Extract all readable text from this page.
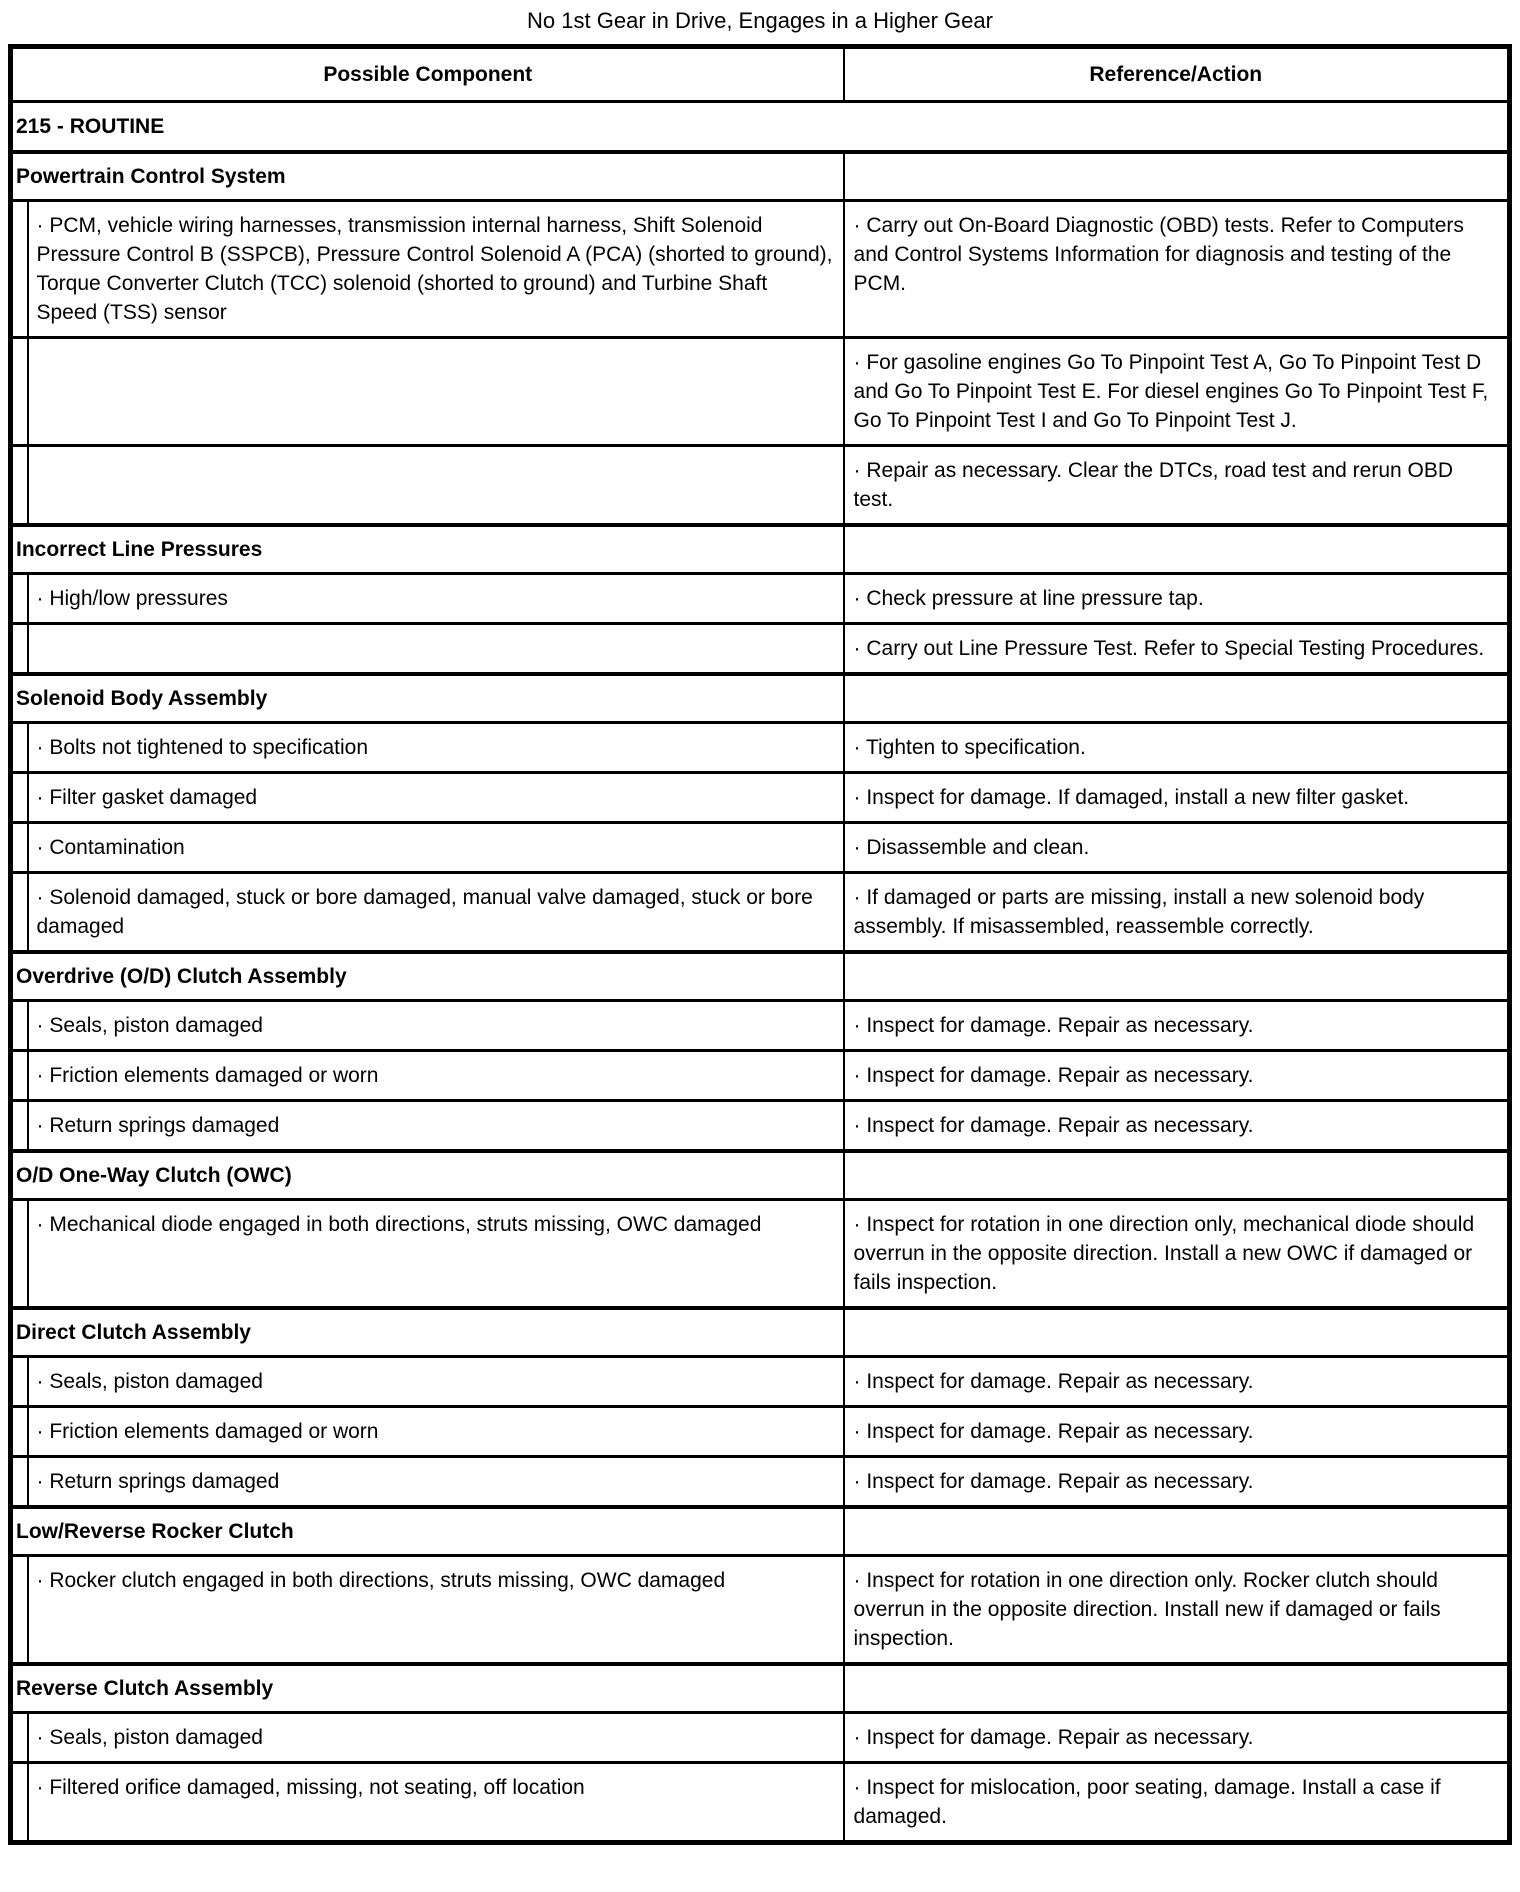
No 1st Gear in Drive, Engages in a Higher Gear
Possible Component		Reference/Action
215 - ROUTINE		
Powertrain Control System		
	· PCM, vehicle wiring harnesses, transmission internal harness, Shift Solenoid Pressure Control B (SSPCB), Pressure Control Solenoid A (PCA) (shorted to ground), Torque Converter Clutch (TCC) solenoid (shorted to ground) and Turbine Shaft Speed (TSS) sensor	· Carry out On-Board Diagnostic (OBD) tests. Refer to Computers and Control Systems Information for diagnosis and testing of the PCM.
		· For gasoline engines Go To Pinpoint Test A, Go To Pinpoint Test D and Go To Pinpoint Test E. For diesel engines Go To Pinpoint Test F, Go To Pinpoint Test I and Go To Pinpoint Test J.
		· Repair as necessary. Clear the DTCs, road test and rerun OBD test.
Incorrect Line Pressures		
	· High/low pressures	· Check pressure at line pressure tap.
		· Carry out Line Pressure Test. Refer to Special Testing Procedures.
Solenoid Body Assembly		
	· Bolts not tightened to specification	· Tighten to specification.
	· Filter gasket damaged	· Inspect for damage. If damaged, install a new filter gasket.
	· Contamination	· Disassemble and clean.
	· Solenoid damaged, stuck or bore damaged, manual valve damaged, stuck or bore damaged	· If damaged or parts are missing, install a new solenoid body assembly. If misassembled, reassemble correctly.
Overdrive (O/D) Clutch Assembly		
	· Seals, piston damaged	· Inspect for damage. Repair as necessary.
	· Friction elements damaged or worn	· Inspect for damage. Repair as necessary.
	· Return springs damaged	· Inspect for damage. Repair as necessary.
O/D One-Way Clutch (OWC)		
	· Mechanical diode engaged in both directions, struts missing, OWC damaged	· Inspect for rotation in one direction only, mechanical diode should overrun in the opposite direction. Install a new OWC if damaged or fails inspection.
Direct Clutch Assembly		
	· Seals, piston damaged	· Inspect for damage. Repair as necessary.
	· Friction elements damaged or worn	· Inspect for damage. Repair as necessary.
	· Return springs damaged	· Inspect for damage. Repair as necessary.
Low/Reverse Rocker Clutch		
	· Rocker clutch engaged in both directions, struts missing, OWC damaged	· Inspect for rotation in one direction only. Rocker clutch should overrun in the opposite direction. Install new if damaged or fails inspection.
Reverse Clutch Assembly		
	· Seals, piston damaged	· Inspect for damage. Repair as necessary.
	· Filtered orifice damaged, missing, not seating, off location	· Inspect for mislocation, poor seating, damage. Install a case if damaged.
